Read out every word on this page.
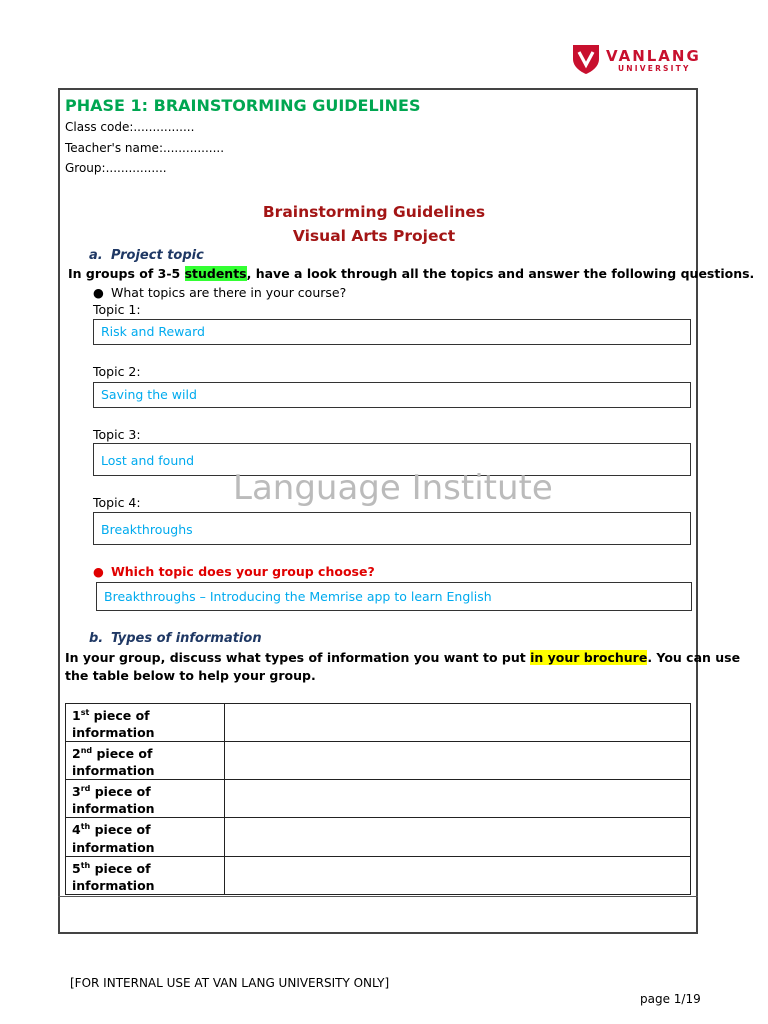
VANLANG
UNIVERSITY
PHASE 1: BRAINSTORMING GUIDELINES
Class code:................
Teacher's name:................
Group:................
Brainstorming Guidelines
Visual Arts Project
a. Project topic
In groups of 3-5 students, have a look through all the topics and answer the following questions.
● What topics are there in your course?
Topic 1:
Risk and Reward
Topic 2:
Saving the wild
Topic 3:
Lost and found
Language Institute
Topic 4:
Breakthroughs
● Which topic does your group choose?
Breakthroughs – Introducing the Memrise app to learn English
b. Types of information
In your group, discuss what types of information you want to put in your brochure. You can use
the table below to help your group.
1st piece of
information	
2nd piece of
information	
3rd piece of
information	
4th piece of
information	
5th piece of
information	
[FOR INTERNAL USE AT VAN LANG UNIVERSITY ONLY]
page 1/19
